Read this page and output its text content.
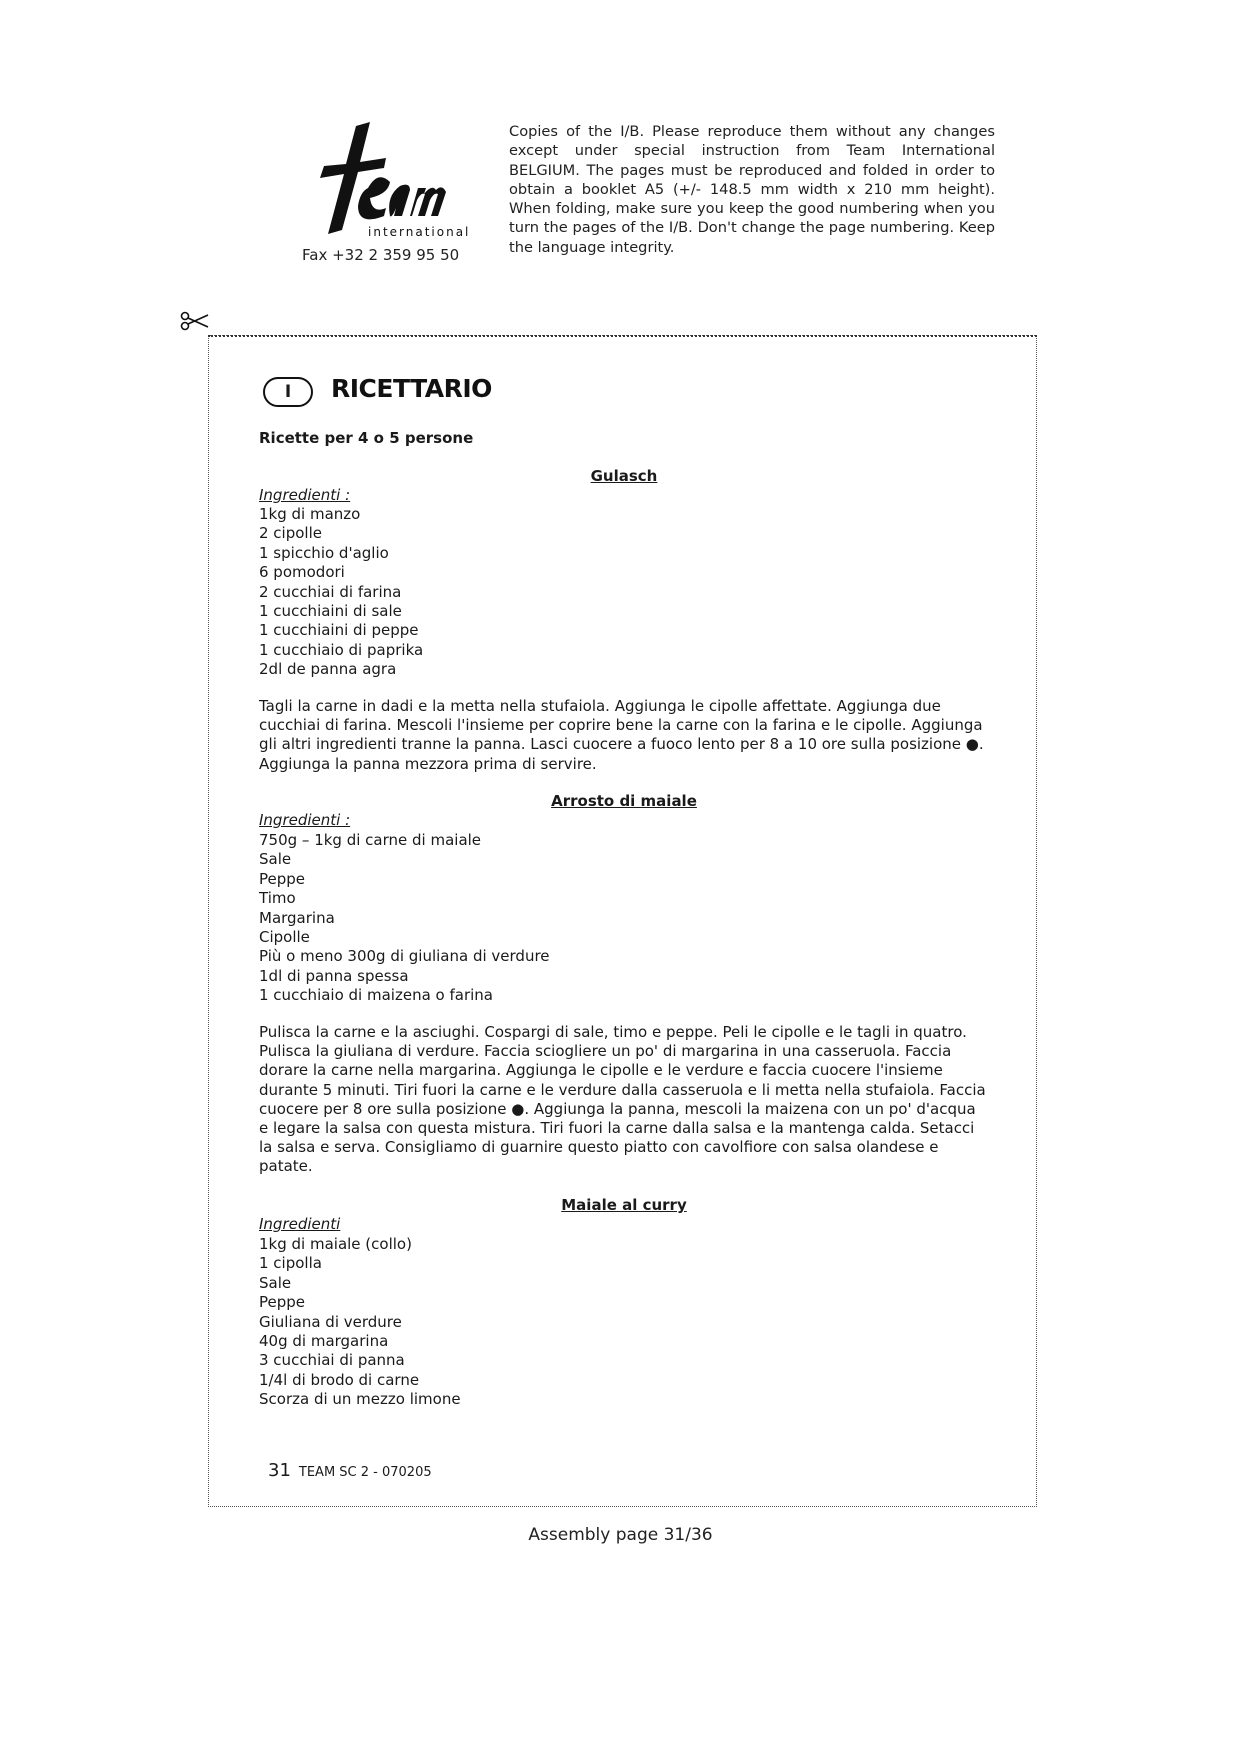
international
Fax +32 2 359 95 50
Copies of the I/B. Please reproduce them without any changes except under special instruction from Team International BELGIUM. The pages must be reproduced and folded in order to obtain a booklet A5 (+/- 148.5 mm width x 210 mm height). When folding, make sure you keep the good numbering when you turn the pages of the I/B. Don't change the page numbering. Keep the language integrity.
I	RICETTARIO
Ricette per 4 o 5 persone
Gulasch
Ingredienti :
1kg di manzo
2 cipolle
1 spicchio d'aglio
6 pomodori
2 cucchiai di farina
1 cucchiaini di sale
1 cucchiaini di peppe
1 cucchiaio di paprika
2dl de panna agra
Tagli la carne in dadi e la metta nella stufaiola. Aggiunga le cipolle affettate. Aggiunga due cucchiai di farina. Mescoli l'insieme per coprire bene la carne con la farina e le cipolle. Aggiunga gli altri ingredienti tranne la panna. Lasci cuocere a fuoco lento per 8 a 10 ore sulla posizione ●. Aggiunga la panna mezzora prima di servire.
Arrosto di maiale
Ingredienti :
750g – 1kg di carne di maiale
Sale
Peppe
Timo
Margarina
Cipolle
Più o meno 300g di giuliana di verdure
1dl di panna spessa
1 cucchiaio di maizena o farina
Pulisca la carne e la asciughi. Cospargi di sale, timo e peppe. Peli le cipolle e le tagli in quatro. Pulisca la giuliana di verdure. Faccia sciogliere un po' di margarina in una casseruola. Faccia dorare la carne nella margarina. Aggiunga le cipolle e le verdure e faccia cuocere l'insieme durante 5 minuti. Tiri fuori la carne e le verdure dalla casseruola e li metta nella stufaiola. Faccia cuocere per 8 ore sulla posizione ●. Aggiunga la panna, mescoli la maizena con un po' d'acqua e legare la salsa con questa mistura. Tiri fuori la carne dalla salsa e la mantenga calda. Setacci la salsa e serva. Consigliamo di guarnire questo piatto con cavolfiore con salsa olandese e patate.
Maiale al curry
Ingredienti
1kg di maiale (collo)
1 cipolla
Sale
Peppe
Giuliana di verdure
40g di margarina
3 cucchiai di panna
1/4l di brodo di carne
Scorza di un mezzo limone
31 TEAM SC 2 - 070205
Assembly page 31/36
